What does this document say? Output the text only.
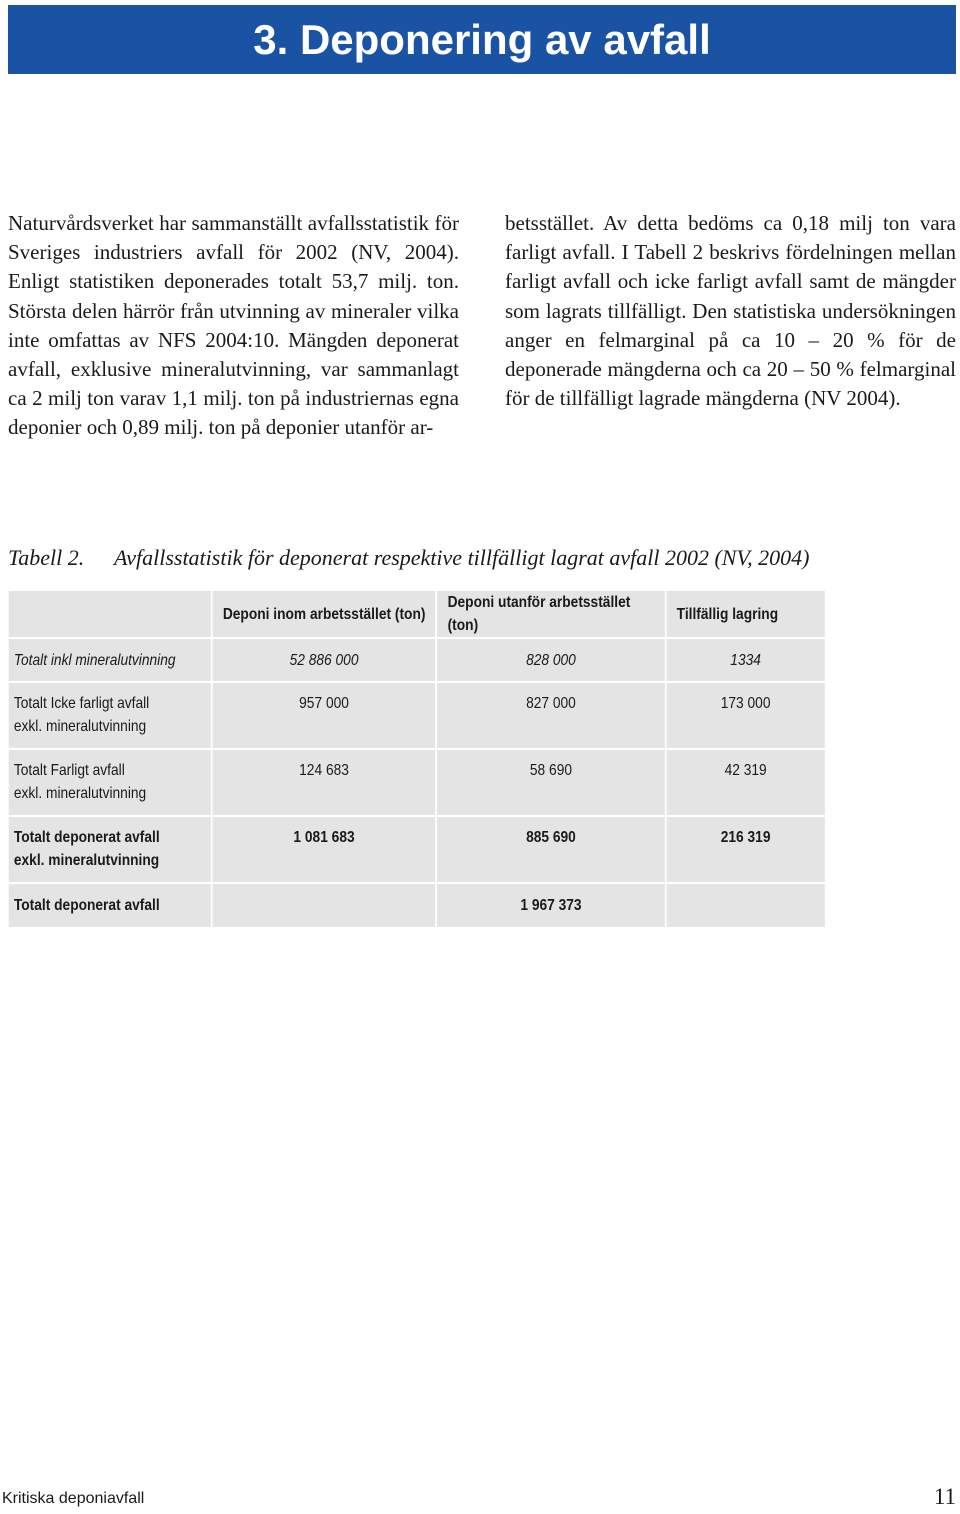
3. Deponering av avfall

Naturvårdsverket har sammanställt avfallsstatistik för Sveriges industriers avfall för 2002 (NV, 2004). Enligt statistiken deponerades totalt 53,7 milj. ton. Största delen härrör från utvinning av mineraler vilka inte omfattas av NFS 2004:10. Mängden deponerat avfall, exklusive mineralutvinning, var sammanlagt ca 2 milj ton varav 1,1 milj. ton på industriernas egna deponier och 0,89 milj. ton på deponier utanför ar-

betsstället. Av detta bedöms ca 0,18 milj ton vara farligt avfall. I Tabell 2 beskrivs fördelningen mellan farligt avfall och icke farligt avfall samt de mängder som lagrats tillfälligt. Den statistiska undersökningen anger en felmarginal på ca 10 – 20 % för de deponerade mängderna och ca 20 – 50 % felmarginal för de tillfälligt lagrade mängderna (NV 2004).

Tabell 2. Avfallsstatistik för deponerat respektive tillfälligt lagrat avfall 2002 (NV, 2004)
	Deponi inom arbetsstället (ton)	Deponi utanför arbetsstället (ton)	Tillfällig lagring
Totalt inkl mineralutvinning	52 886 000	828 000	1334
Totalt Icke farligt avfall
exkl. mineralutvinning	957 000	827 000	173 000
Totalt Farligt avfall
exkl. mineralutvinning	124 683	58 690	42 319
Totalt deponerat avfall
exkl. mineralutvinning	1 081 683	885 690	216 319
Totalt deponerat avfall		1 967 373	
Kritiska deponiavfall	11
